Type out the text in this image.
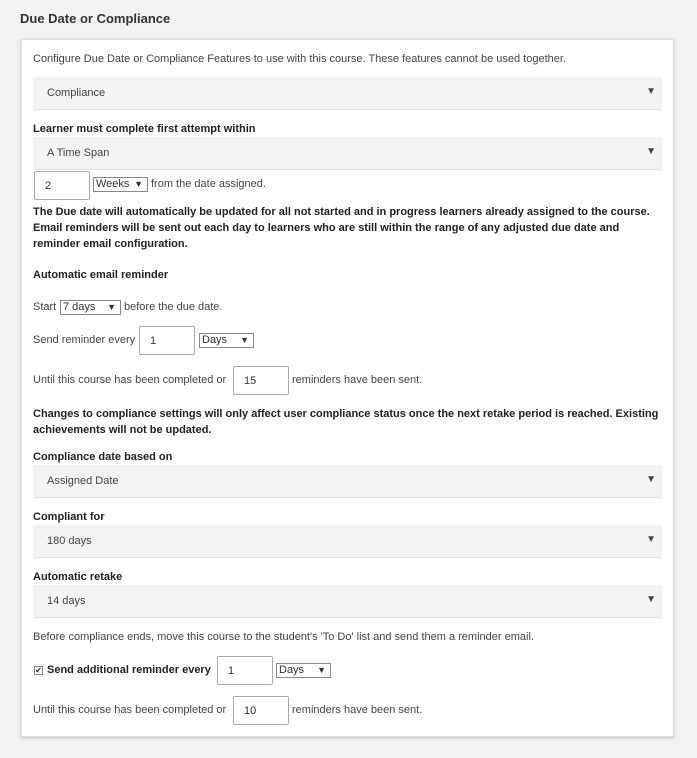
Due Date or Compliance
Configure Due Date or Compliance Features to use with this course. These features cannot be used together.
Compliance	▼
Learner must complete first attempt within
A Time Span	▼
2	Weeks ▼ from the date assigned.
The Due date will automatically be updated for all not started and in progress learners already assigned to the course. Email reminders will be sent out each day to learners who are still within the range of any adjusted due date and reminder email configuration.
Automatic email reminder
Start 7 days ▼ before the due date.
Send reminder every 1	Days ▼
Until this course has been completed or 15	reminders have been sent.
Changes to compliance settings will only affect user compliance status once the next retake period is reached. Existing achievements will not be updated.
Compliance date based on
Assigned Date	▼
Compliant for
180 days	▼
Automatic retake
14 days	▼
Before compliance ends, move this course to the student's 'To Do' list and send them a reminder email.
✔ Send additional reminder every 1	Days ▼
Until this course has been completed or 10	reminders have been sent.
